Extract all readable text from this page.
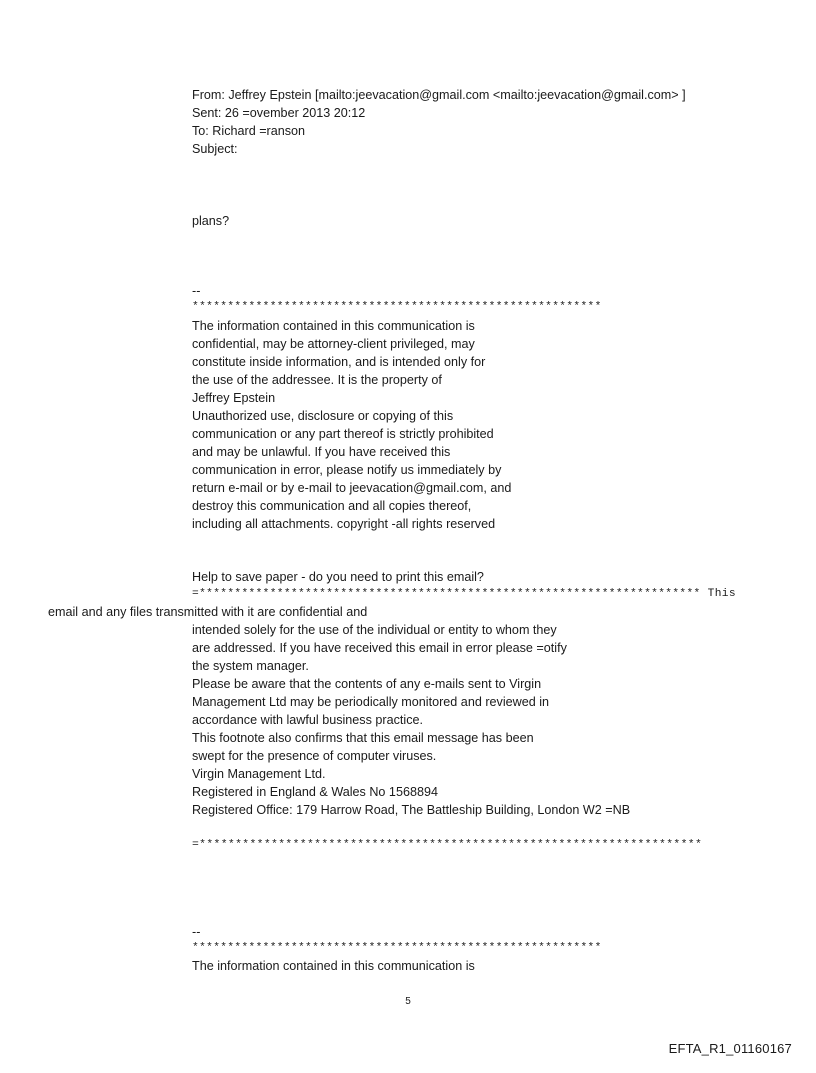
From: Jeffrey Epstein [mailto:jeevacation@gmail.com <mailto:jeevacation@gmail.com> ]
Sent: 26 =ovember 2013 20:12
To: Richard =ranson
Subject:
plans?
--
**********************************************************
The information contained in this communication is
confidential, may be attorney-client privileged, may
constitute inside information, and is intended only for
the use of the addressee. It is the property of
Jeffrey Epstein
Unauthorized use, disclosure or copying of this
communication or any part thereof is strictly prohibited
and may be unlawful. If you have received this
communication in error, please notify us immediately by
return e-mail or by e-mail to jeevacation@gmail.com, and
destroy this communication and all copies thereof,
including all attachments. copyright -all rights reserved
Help to save paper - do you need to print this email?
=*********************************************************************** This
email and any files transmitted with it are confidential and
intended solely for the use of the individual or entity to whom they
are addressed. If you have received this email in error please =otify
the system manager.
Please be aware that the contents of any e-mails sent to Virgin
Management Ltd may be periodically monitored and reviewed in
accordance with lawful business practice.
This footnote also confirms that this email message has been
swept for the presence of computer viruses.
Virgin Management Ltd.
Registered in England & Wales No 1568894
Registered Office: 179 Harrow Road, The Battleship Building, London W2 =NB
=**********************************************************************
--
**********************************************************
The information contained in this communication is
5
EFTA_R1_01160167
